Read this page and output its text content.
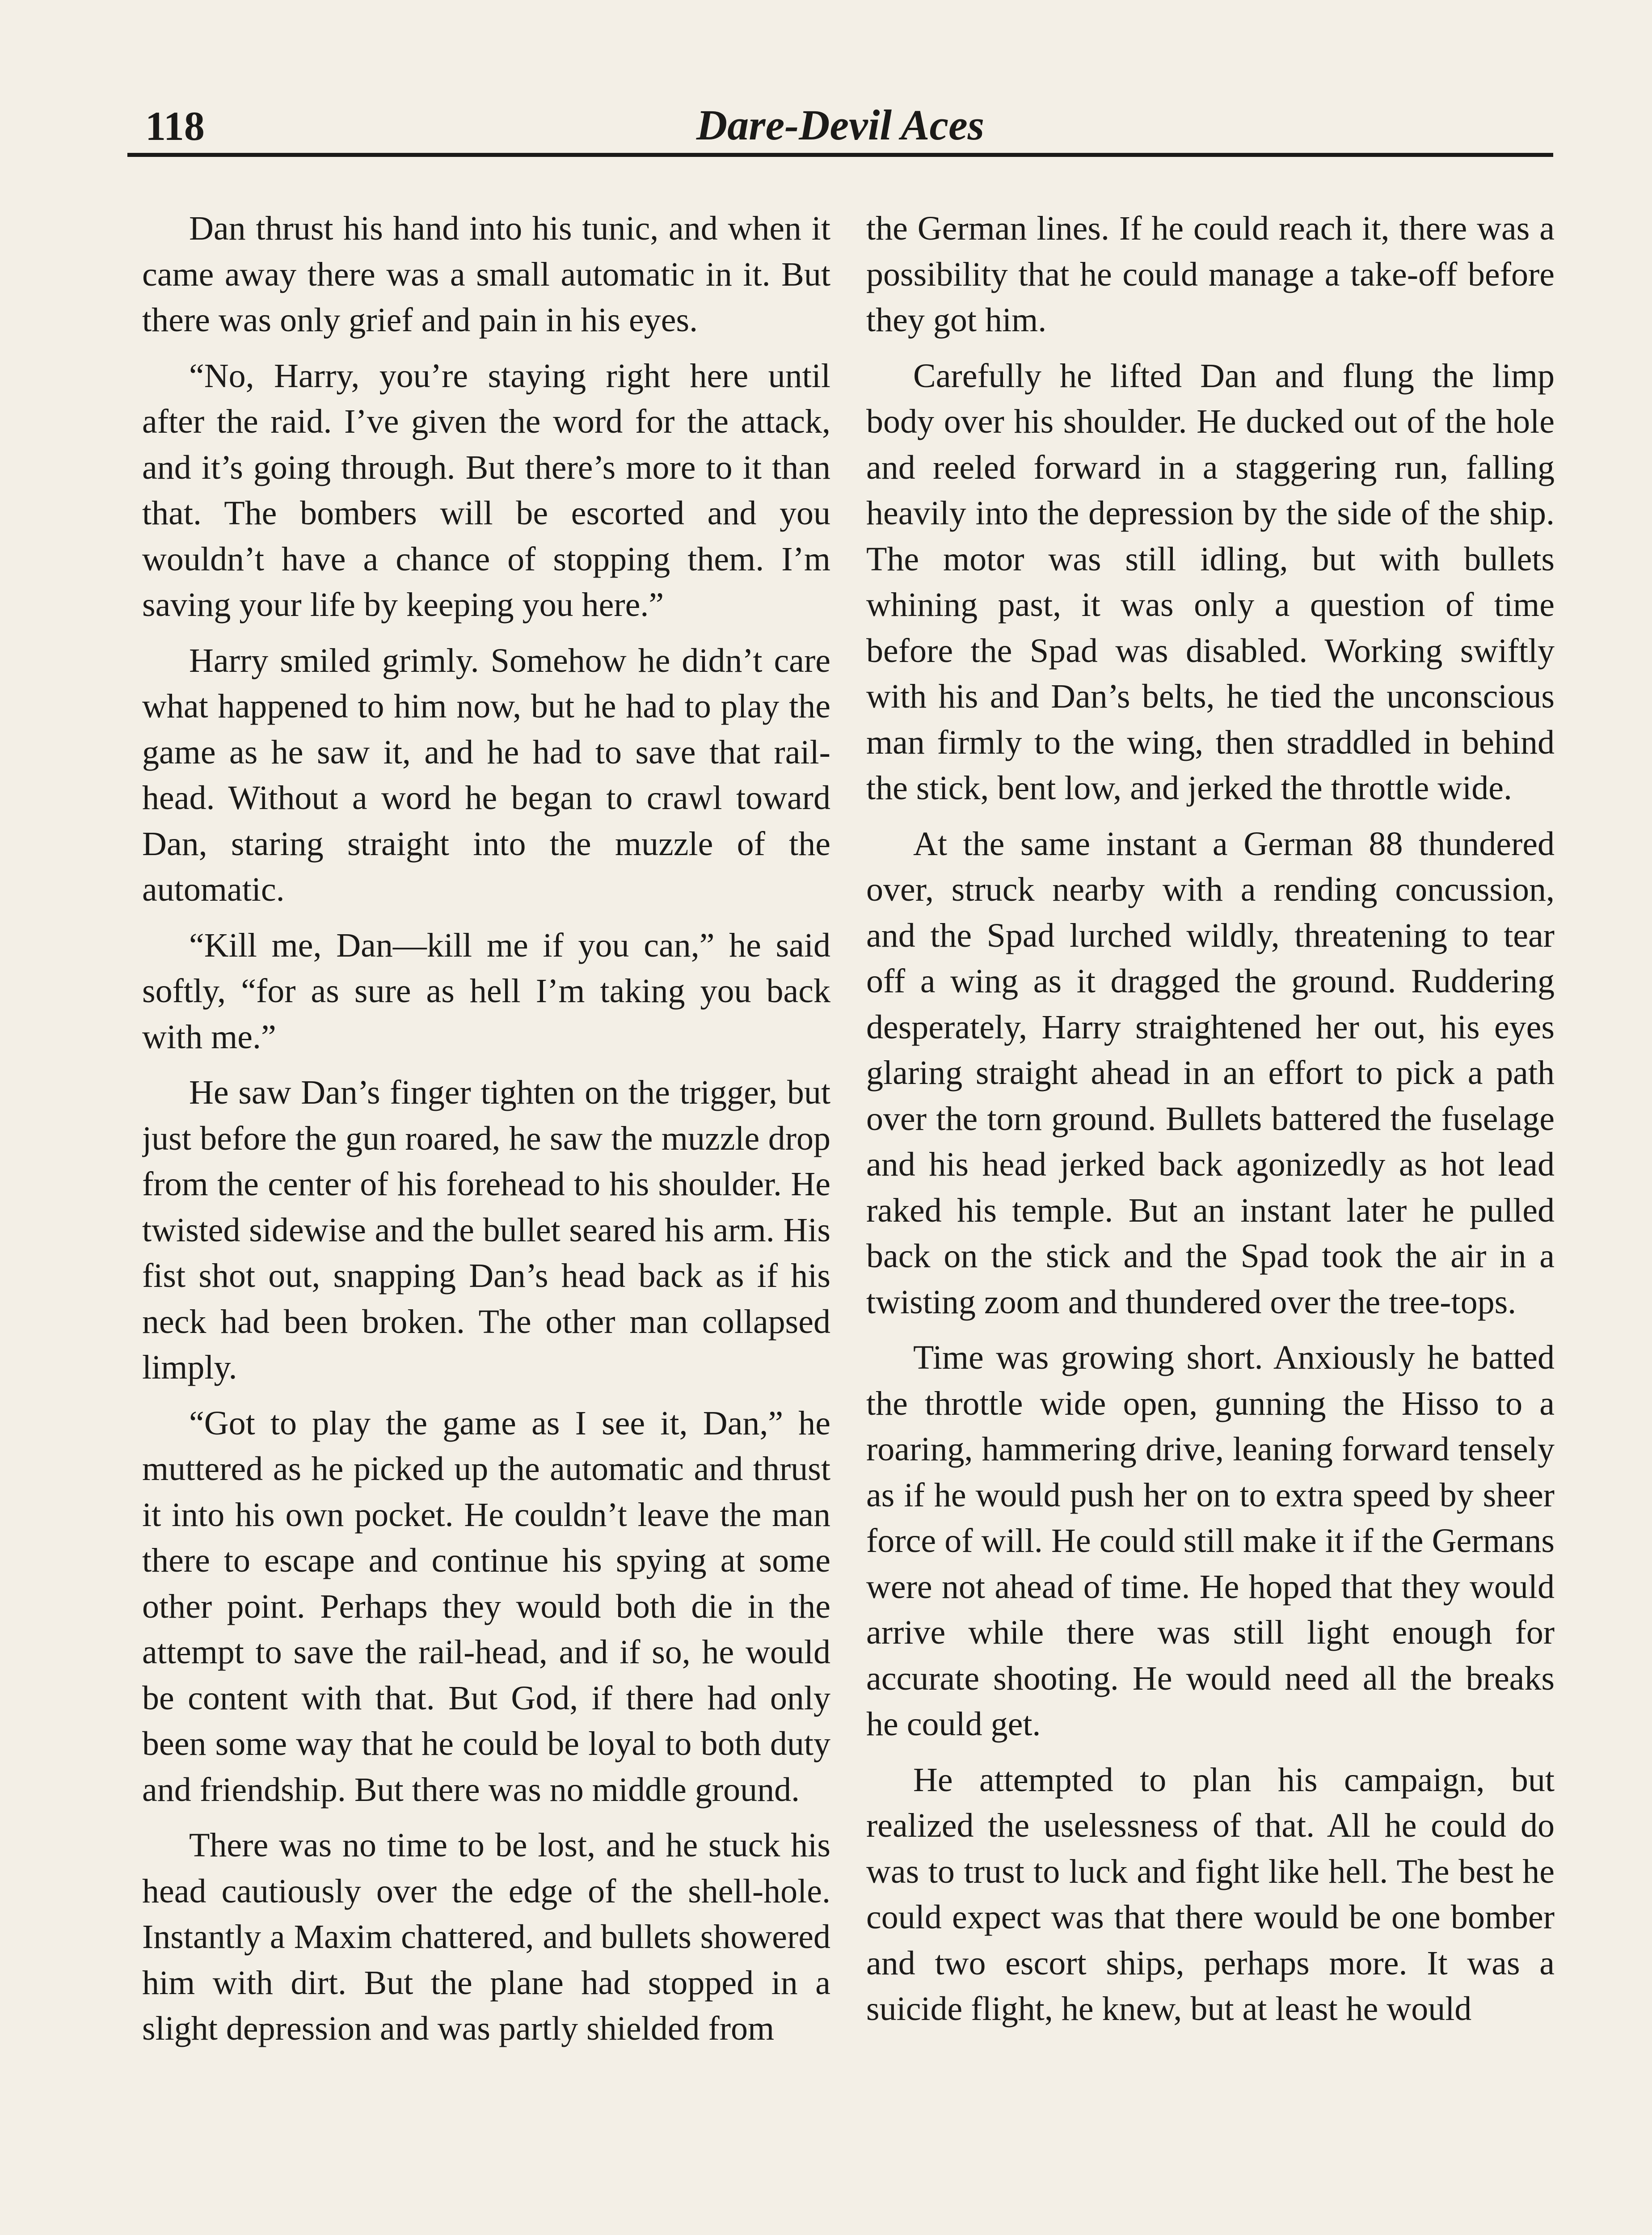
118	Dare-Devil Aces

Dan thrust his hand into his tunic, and when it came away there was a small automatic in it. But there was only grief and pain in his eyes.

“No, Harry, you’re staying right here until after the raid. I’ve given the word for the attack, and it’s going through. But there’s more to it than that. The bombers will be escorted and you wouldn’t have a chance of stopping them. I’m saving your life by keeping you here.”

Harry smiled grimly. Somehow he didn’t care what happened to him now, but he had to play the game as he saw it, and he had to save that rail-head. Without a word he began to crawl toward Dan, staring straight into the muzzle of the automatic.

“Kill me, Dan—kill me if you can,” he said softly, “for as sure as hell I’m taking you back with me.”

He saw Dan’s finger tighten on the trigger, but just before the gun roared, he saw the muzzle drop from the center of his forehead to his shoulder. He twisted sidewise and the bullet seared his arm. His fist shot out, snapping Dan’s head back as if his neck had been broken. The other man collapsed limply.

“Got to play the game as I see it, Dan,” he muttered as he picked up the automatic and thrust it into his own pocket. He couldn’t leave the man there to escape and continue his spying at some other point. Perhaps they would both die in the attempt to save the rail-head, and if so, he would be content with that. But God, if there had only been some way that he could be loyal to both duty and friendship. But there was no middle ground.

There was no time to be lost, and he stuck his head cautiously over the edge of the shell-hole. Instantly a Maxim chattered, and bullets showered him with dirt. But the plane had stopped in a slight depression and was partly shielded from

the German lines. If he could reach it, there was a possibility that he could manage a take-off before they got him.

Carefully he lifted Dan and flung the limp body over his shoulder. He ducked out of the hole and reeled forward in a staggering run, falling heavily into the depression by the side of the ship. The motor was still idling, but with bullets whining past, it was only a question of time before the Spad was disabled. Working swiftly with his and Dan’s belts, he tied the unconscious man firmly to the wing, then straddled in behind the stick, bent low, and jerked the throttle wide.

At the same instant a German 88 thundered over, struck nearby with a rending concussion, and the Spad lurched wildly, threatening to tear off a wing as it dragged the ground. Ruddering desperately, Harry straightened her out, his eyes glaring straight ahead in an effort to pick a path over the torn ground. Bullets battered the fuselage and his head jerked back agonizedly as hot lead raked his temple. But an instant later he pulled back on the stick and the Spad took the air in a twisting zoom and thundered over the tree-tops.

Time was growing short. Anxiously he batted the throttle wide open, gunning the Hisso to a roaring, hammering drive, leaning forward tensely as if he would push her on to extra speed by sheer force of will. He could still make it if the Germans were not ahead of time. He hoped that they would arrive while there was still light enough for accurate shooting. He would need all the breaks he could get.

He attempted to plan his campaign, but realized the uselessness of that. All he could do was to trust to luck and fight like hell. The best he could expect was that there would be one bomber and two escort ships, perhaps more. It was a suicide flight, he knew, but at least he would
